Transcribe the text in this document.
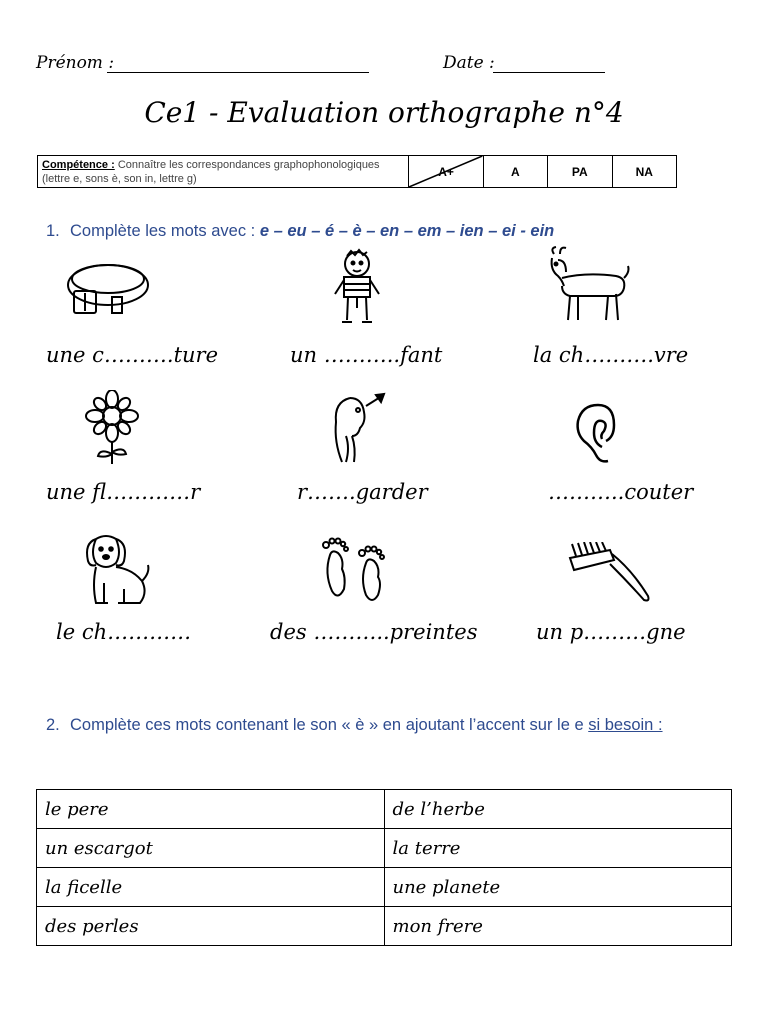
Prénom :	Date :
Ce1 - Evaluation orthographe n°4
Compétence : Connaître les correspondances graphophonologiques (lettre e, sons è, son in, lettre g)	A+	A	PA	NA
1. Complète les mots avec : e – eu – é – è – en – em – ien – ei - ein
une c……….ture	un ………..fant	la ch……….vre
une fl…………r	r…….garder	………..couter
le ch…………	des ………..preintes	un p………gne
2. Complète ces mots contenant le son « è » en ajoutant l’accent sur le e si besoin :
le pere	de l’herbe
un escargot	la terre
la ficelle	une planete
des perles	mon frere
